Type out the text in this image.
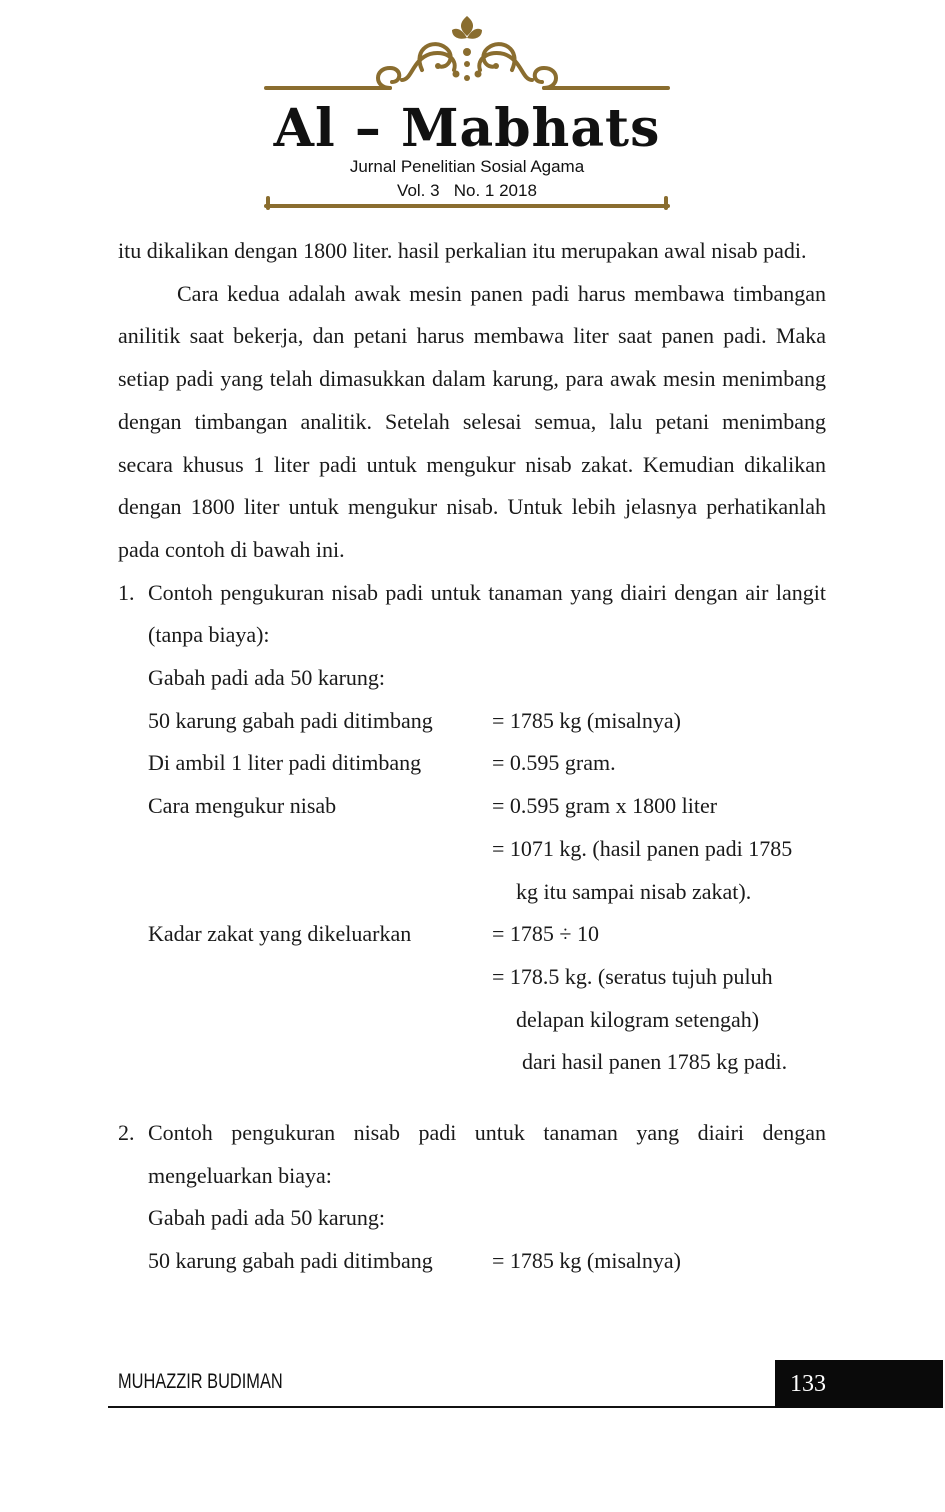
Al – Mabhats
Jurnal Penelitian Sosial Agama
Vol. 3   No. 1 2018

itu dikalikan dengan 1800 liter. hasil perkalian itu merupakan awal nisab padi.

Cara kedua adalah awak mesin panen padi harus membawa timbangan anilitik saat bekerja, dan petani harus membawa liter saat panen padi. Maka setiap padi yang telah dimasukkan dalam karung, para awak mesin menimbang dengan timbangan analitik. Setelah selesai semua, lalu petani menimbang secara khusus 1 liter padi untuk mengukur nisab zakat. Kemudian dikalikan dengan 1800 liter untuk mengukur nisab. Untuk lebih jelasnya perhatikanlah pada contoh di bawah ini.

1. Contoh pengukuran nisab padi untuk tanaman yang diairi dengan air langit (tanpa biaya):

Gabah padi ada 50 karung:

50 karung gabah padi ditimbang	= 1785 kg (misalnya)
Di ambil 1 liter padi ditimbang	= 0.595 gram.
Cara mengukur nisab	= 0.595 gram x 1800 liter
= 1071 kg. (hasil panen padi 1785

kg itu sampai nisab zakat).

Kadar zakat yang dikeluarkan	= 1785 ÷ 10
= 178.5 kg. (seratus tujuh puluh

delapan kilogram setengah)

dari hasil panen 1785 kg padi.

2. Contoh pengukuran nisab padi untuk tanaman yang diairi dengan mengeluarkan biaya:

Gabah padi ada 50 karung:

50 karung gabah padi ditimbang	= 1785 kg (misalnya)
MUHAZZIR BUDIMAN	133
